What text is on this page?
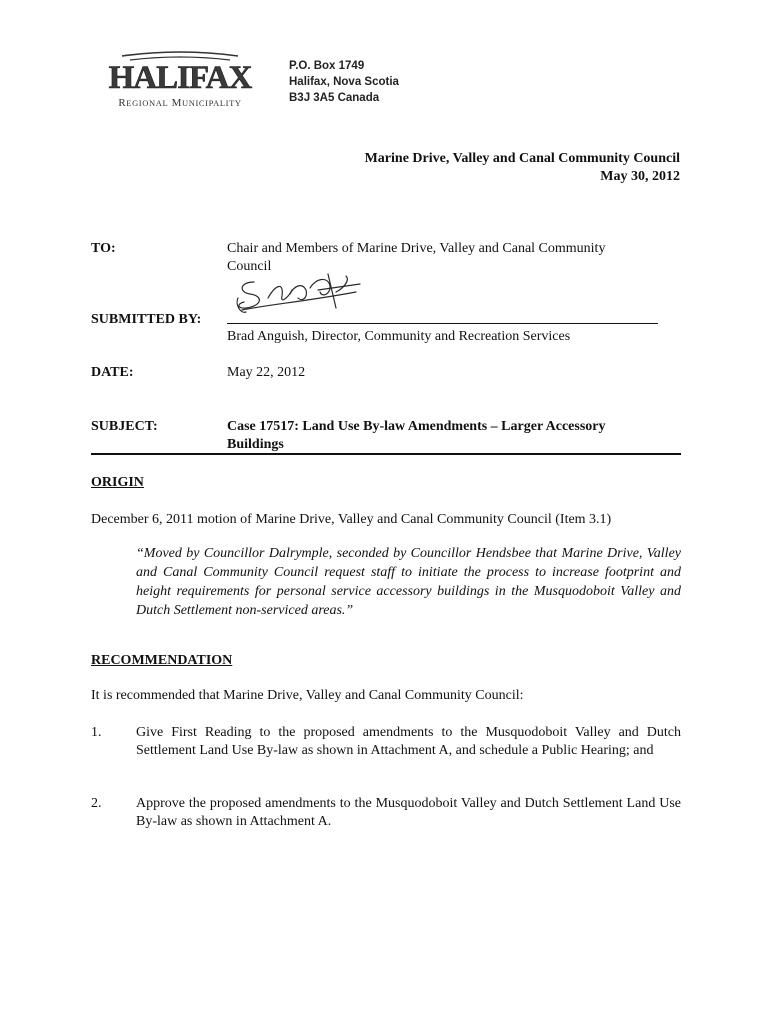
HALIFAX
REGIONAL MUNICIPALITY
P.O. Box 1749
Halifax, Nova Scotia
B3J 3A5 Canada
Marine Drive, Valley and Canal Community Council
May 30, 2012
TO:	Chair and Members of Marine Drive, Valley and Canal Community Council
SUBMITTED BY:
Brad Anguish, Director, Community and Recreation Services
DATE:	May 22, 2012
SUBJECT:	Case 17517: Land Use By-law Amendments – Larger Accessory Buildings
ORIGIN
December 6, 2011 motion of Marine Drive, Valley and Canal Community Council (Item 3.1)
“Moved by Councillor Dalrymple, seconded by Councillor Hendsbee that Marine Drive, Valley and Canal Community Council request staff to initiate the process to increase footprint and height requirements for personal service accessory buildings in the Musquodoboit Valley and Dutch Settlement non-serviced areas.”
RECOMMENDATION
It is recommended that Marine Drive, Valley and Canal Community Council:
1. Give First Reading to the proposed amendments to the Musquodoboit Valley and Dutch Settlement Land Use By-law as shown in Attachment A, and schedule a Public Hearing; and
2. Approve the proposed amendments to the Musquodoboit Valley and Dutch Settlement Land Use By-law as shown in Attachment A.
